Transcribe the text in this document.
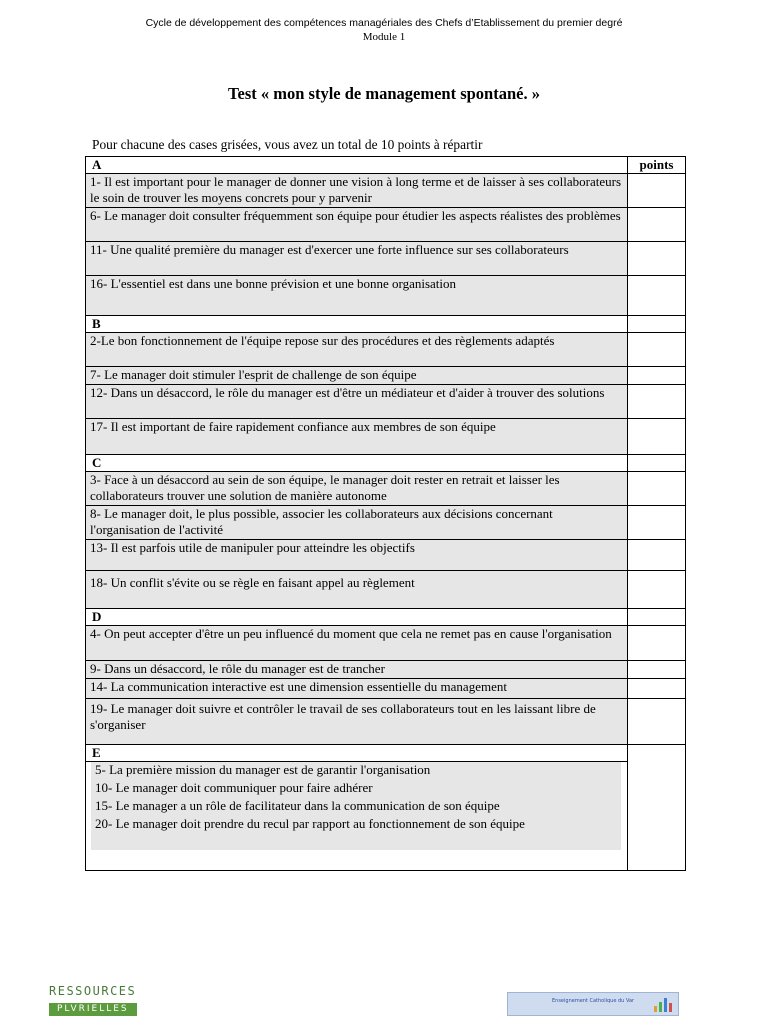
Cycle de développement des compétences managériales des Chefs d’Etablissement du premier degré
Module 1
Test « mon style de management spontané. »
Pour chacune des cases grisées, vous avez un total de 10 points à répartir
A	points
1- Il est important pour le manager de donner une vision à long terme et de laisser à ses collaborateurs le soin de trouver les moyens concrets pour y parvenir	
6- Le manager doit consulter fréquemment son équipe pour étudier les aspects réalistes des problèmes	
11- Une qualité première du manager est d'exercer une forte influence sur ses collaborateurs	
16- L'essentiel est dans une bonne prévision et une bonne organisation	
B	
2-Le bon fonctionnement de l'équipe repose sur des procédures et des règlements adaptés	
7- Le manager doit stimuler l'esprit de challenge de son équipe	
12- Dans un désaccord, le rôle du manager est d'être un médiateur et d'aider à trouver des solutions	
17- Il est important de faire rapidement confiance aux membres de son équipe	
C	
3- Face à un désaccord au sein de son équipe, le manager doit rester en retrait et laisser les collaborateurs trouver une solution de manière autonome	
8- Le manager doit, le plus possible, associer les collaborateurs aux décisions concernant l'organisation de l'activité	
13- Il est parfois utile de manipuler pour atteindre les objectifs	
18- Un conflit s'évite ou se règle en faisant appel au règlement	
D	
4- On peut accepter d'être un peu influencé du moment que cela ne remet pas en cause l'organisation	
9- Dans un désaccord, le rôle du manager est de trancher	
14- La communication interactive est une dimension essentielle du management	
19- Le manager doit suivre et contrôler le travail de ses collaborateurs tout en les laissant libre de s'organiser	
E	

5- La première mission du manager est de garantir l'organisation
10- Le manager doit communiquer pour faire adhérer
15- Le manager a un rôle de facilitateur dans la communication de son équipe
20- Le manager doit prendre du recul par rapport au fonctionnement de son équipe	

RESSOURCES
PLVRIELLES
Enseignement Catholique du Var
